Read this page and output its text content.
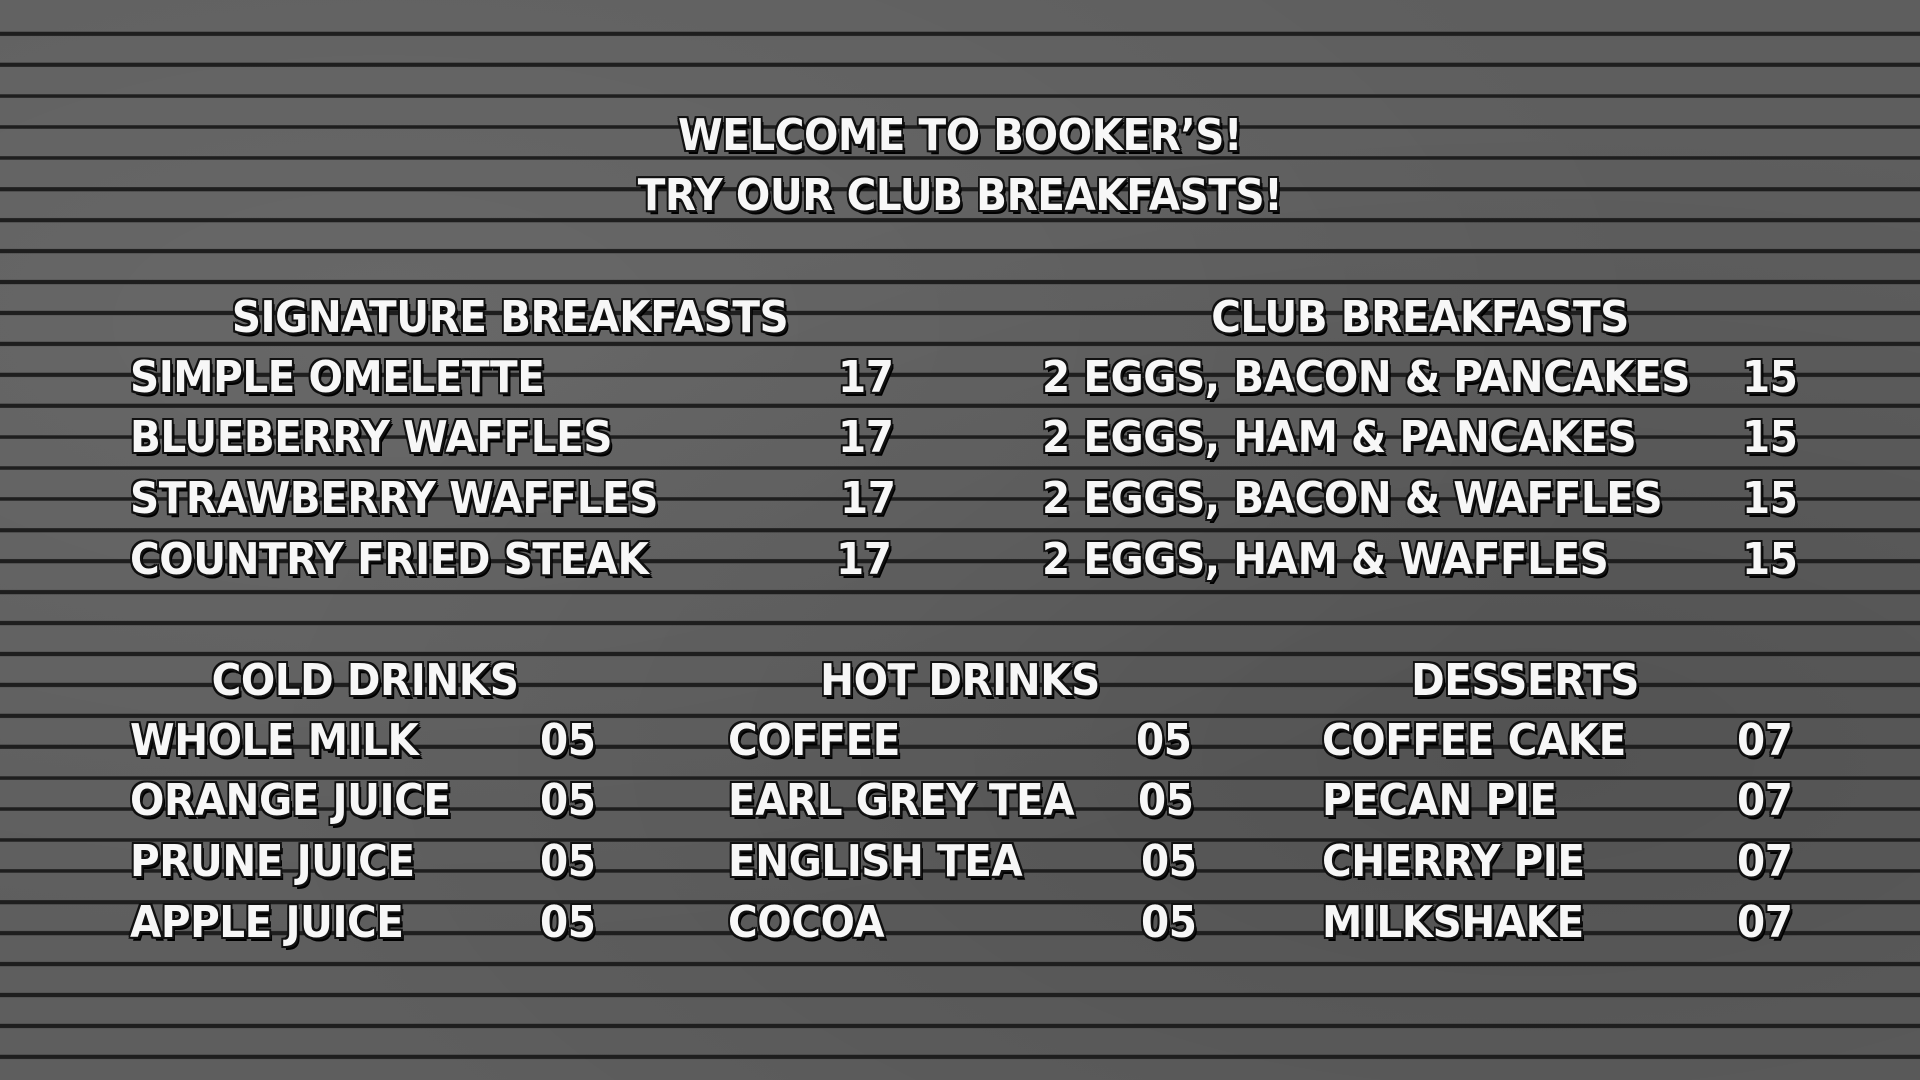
WELCOME TO BOOKER’S!
TRY OUR CLUB BREAKFASTS!
SIGNATURE BREAKFASTS
SIMPLE OMELETTE	17
BLUEBERRY WAFFLES	17
STRAWBERRY WAFFLES	17
COUNTRY FRIED STEAK	17
CLUB BREAKFASTS
2 EGGS, BACON & PANCAKES 15
2 EGGS, HAM & PANCAKES 15
2 EGGS, BACON & WAFFLES 15
2 EGGS, HAM & WAFFLES	15
COLD DRINKS
WHOLE MILK	05
ORANGE JUICE 05
PRUNE JUICE	05
APPLE JUICE	05
HOT DRINKS
COFFEE	05
EARL GREY TEA 05
ENGLISH TEA	05
COCOA	05
DESSERTS
COFFEE CAKE	07
PECAN PIE	07
CHERRY PIE	07
MILKSHAKE	07
